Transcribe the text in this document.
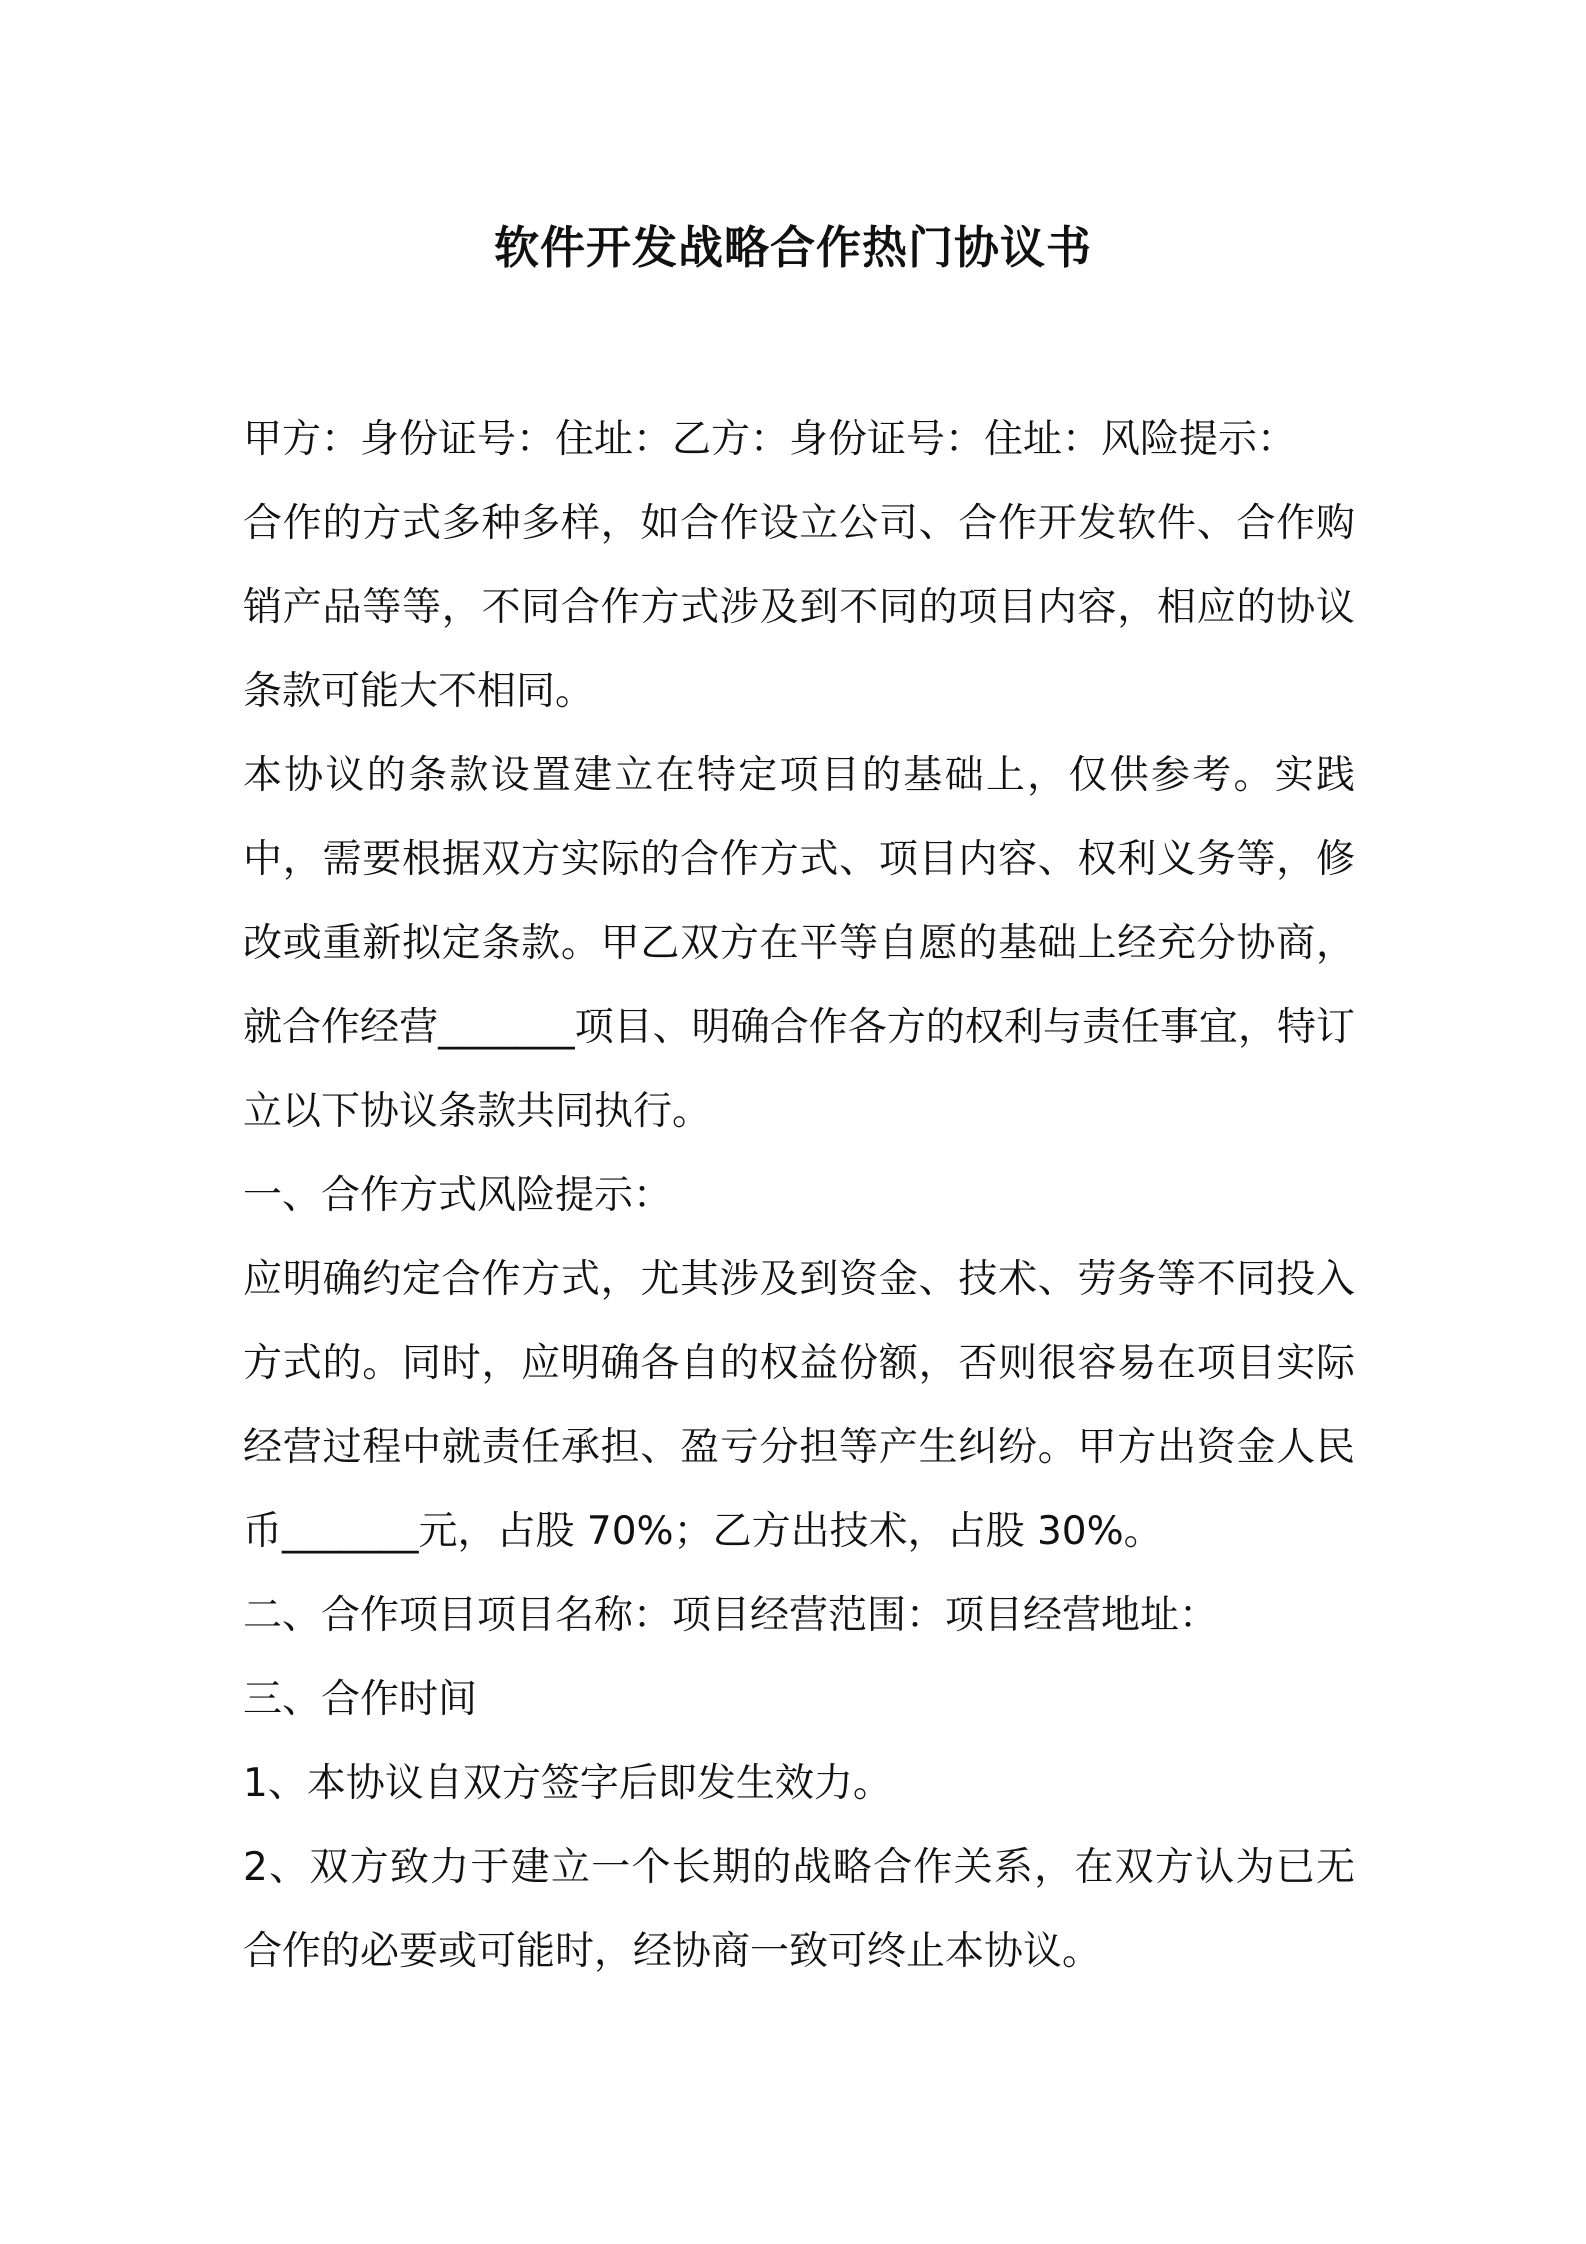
软件开发战略合作热门协议书

甲方：身份证号：住址：乙方：身份证号：住址：风险提示：

合作的方式多种多样，如合作设立公司、合作开发软件、合作购销产品等等，不同合作方式涉及到不同的项目内容，相应的协议条款可能大不相同。

本协议的条款设置建立在特定项目的基础上，仅供参考。实践中，需要根据双方实际的合作方式、项目内容、权利义务等，修改或重新拟定条款。甲乙双方在平等自愿的基础上经充分协商，就合作经营_______项目、明确合作各方的权利与责任事宜，特订立以下协议条款共同执行。

一、合作方式风险提示：

应明确约定合作方式，尤其涉及到资金、技术、劳务等不同投入方式的。同时，应明确各自的权益份额，否则很容易在项目实际经营过程中就责任承担、盈亏分担等产生纠纷。甲方出资金人民币_______元，占股 70%；乙方出技术，占股 30%。

二、合作项目项目名称：项目经营范围：项目经营地址：

三、合作时间

1、本协议自双方签字后即发生效力。

2、双方致力于建立一个长期的战略合作关系，在双方认为已无合作的必要或可能时，经协商一致可终止本协议。
